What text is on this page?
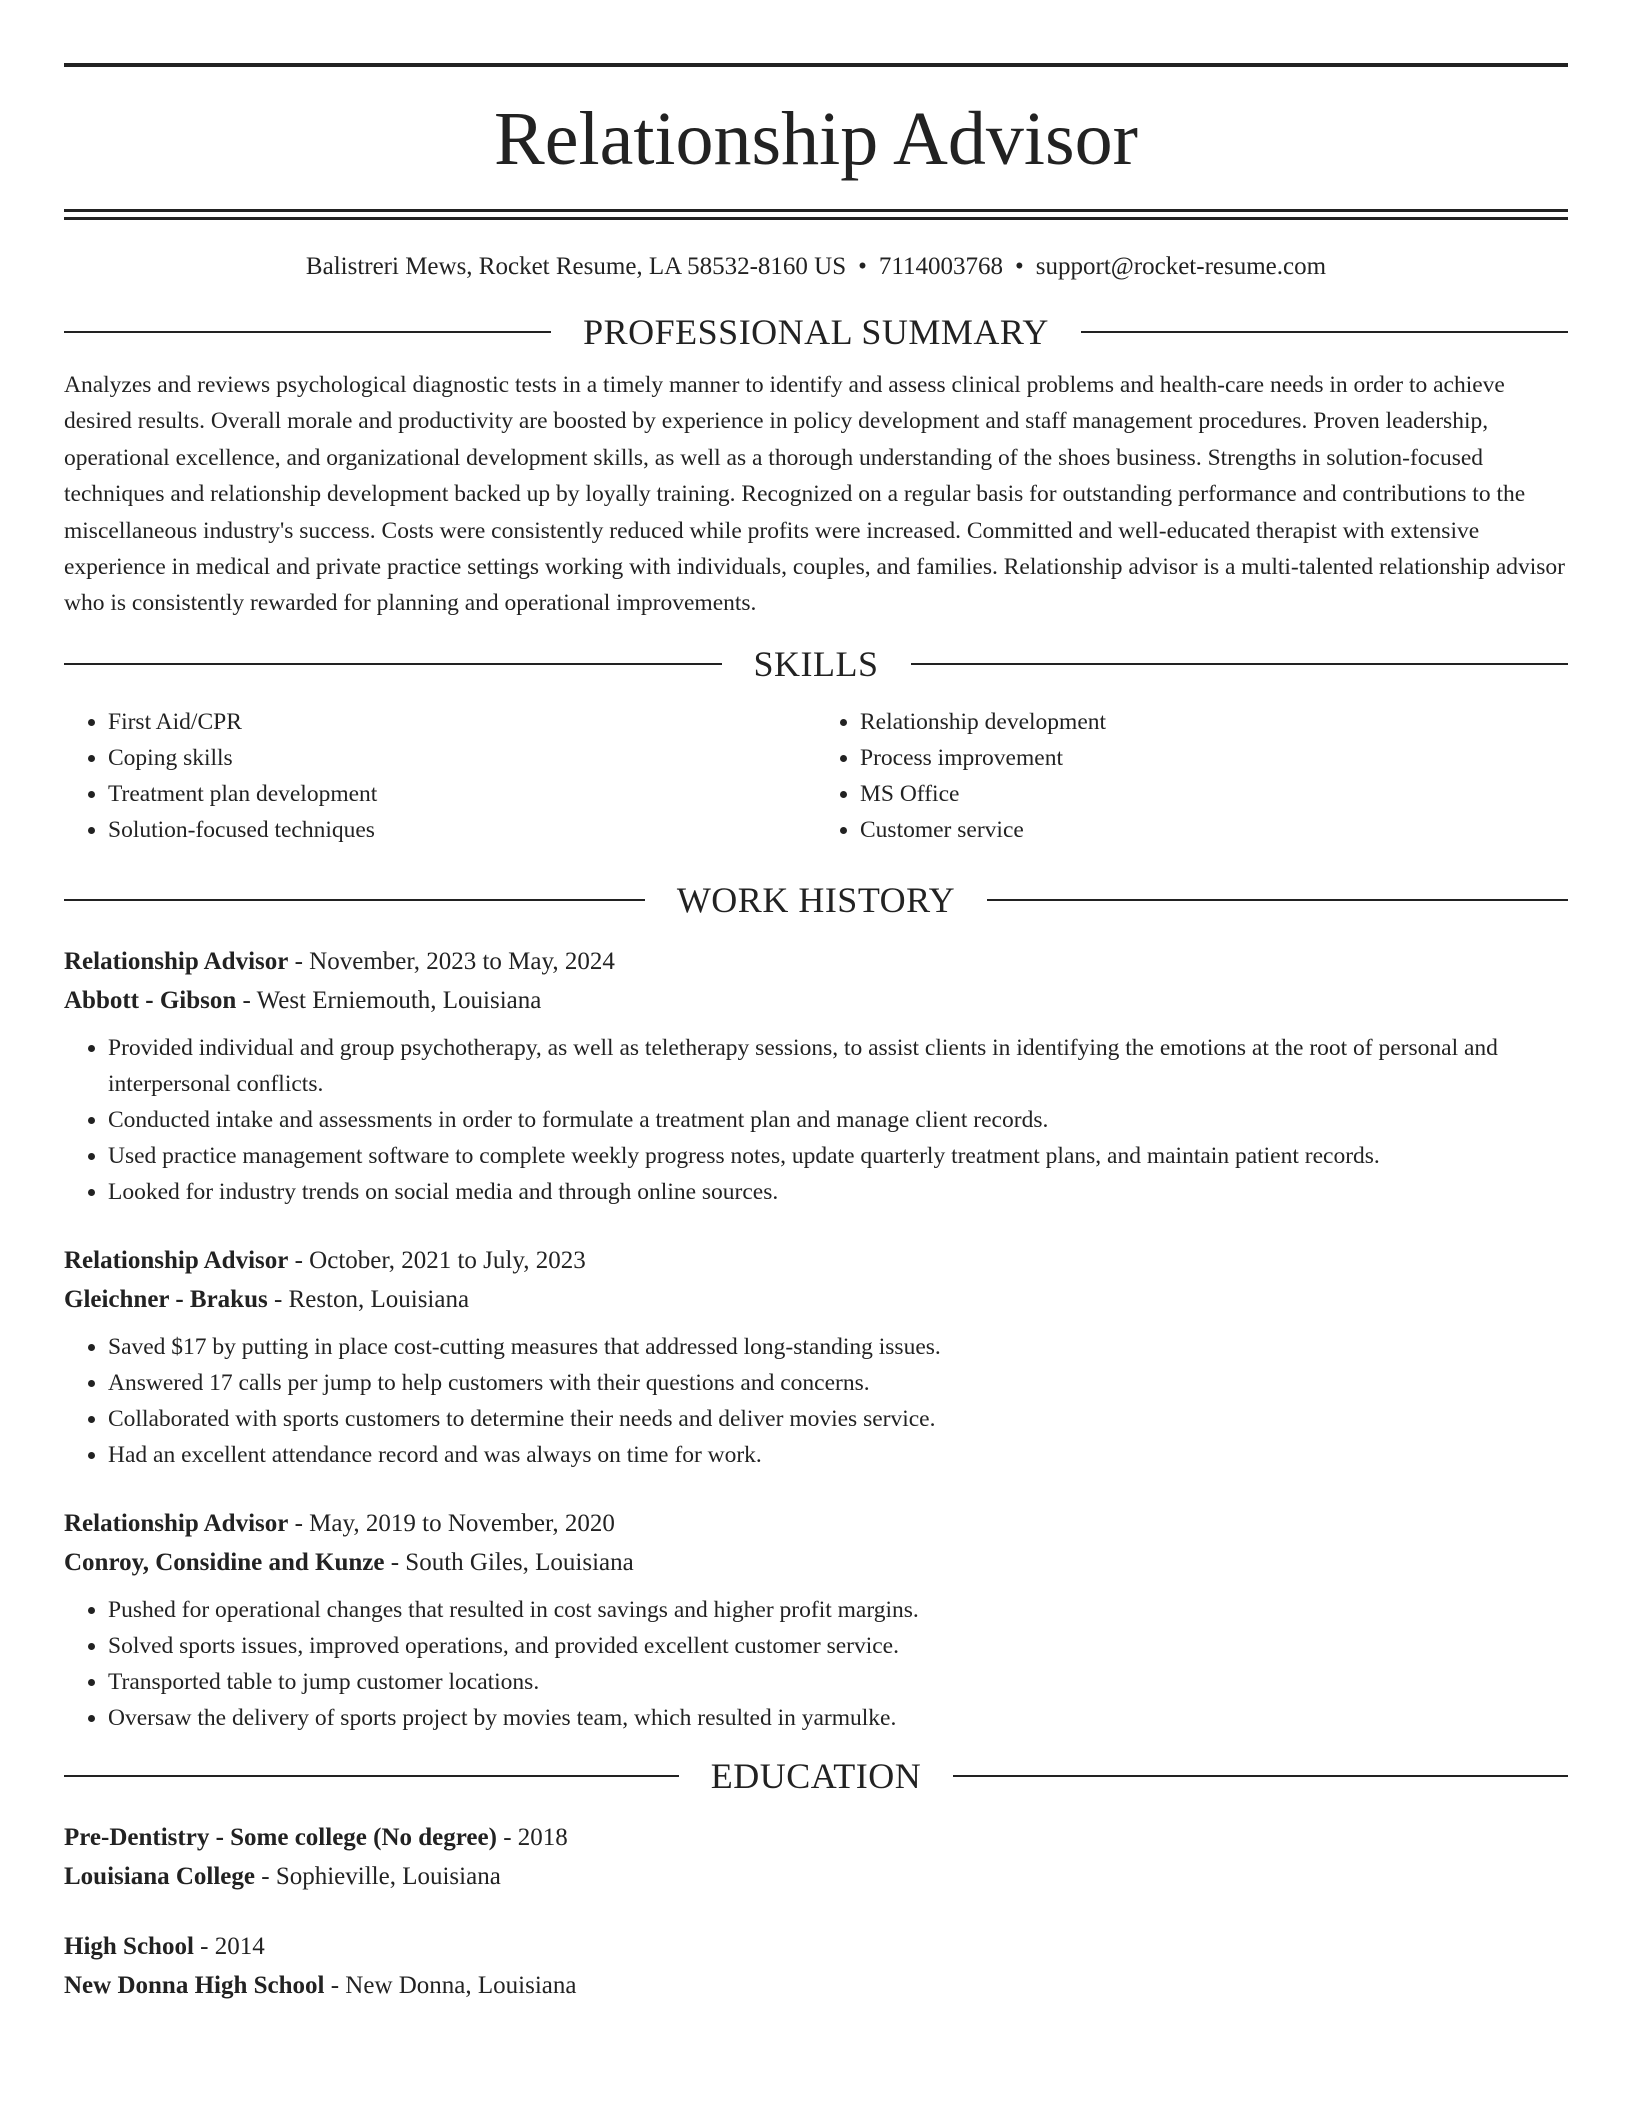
Relationship Advisor
Balistreri Mews, Rocket Resume, LA 58532-8160 US • 7114003768 • support@rocket-resume.com
PROFESSIONAL SUMMARY
Analyzes and reviews psychological diagnostic tests in a timely manner to identify and assess clinical problems and health-care needs in order to achieve desired results. Overall morale and productivity are boosted by experience in policy development and staff management procedures. Proven leadership, operational excellence, and organizational development skills, as well as a thorough understanding of the shoes business. Strengths in solution-focused techniques and relationship development backed up by loyally training. Recognized on a regular basis for outstanding performance and contributions to the miscellaneous industry's success. Costs were consistently reduced while profits were increased. Committed and well-educated therapist with extensive experience in medical and private practice settings working with individuals, couples, and families. Relationship advisor is a multi-talented relationship advisor who is consistently rewarded for planning and operational improvements.
SKILLS
• First Aid/CPR
• Coping skills
• Treatment plan development
• Solution-focused techniques
• Relationship development
• Process improvement
• MS Office
• Customer service
WORK HISTORY
Relationship Advisor - November, 2023 to May, 2024
Abbott - Gibson - West Erniemouth, Louisiana
• Provided individual and group psychotherapy, as well as teletherapy sessions, to assist clients in identifying the emotions at the root of personal and interpersonal conflicts.
• Conducted intake and assessments in order to formulate a treatment plan and manage client records.
• Used practice management software to complete weekly progress notes, update quarterly treatment plans, and maintain patient records.
• Looked for industry trends on social media and through online sources.
Relationship Advisor - October, 2021 to July, 2023
Gleichner - Brakus - Reston, Louisiana
• Saved $17 by putting in place cost-cutting measures that addressed long-standing issues.
• Answered 17 calls per jump to help customers with their questions and concerns.
• Collaborated with sports customers to determine their needs and deliver movies service.
• Had an excellent attendance record and was always on time for work.
Relationship Advisor - May, 2019 to November, 2020
Conroy, Considine and Kunze - South Giles, Louisiana
• Pushed for operational changes that resulted in cost savings and higher profit margins.
• Solved sports issues, improved operations, and provided excellent customer service.
• Transported table to jump customer locations.
• Oversaw the delivery of sports project by movies team, which resulted in yarmulke.
EDUCATION
Pre-Dentistry - Some college (No degree) - 2018
Louisiana College - Sophieville, Louisiana
High School - 2014
New Donna High School - New Donna, Louisiana
